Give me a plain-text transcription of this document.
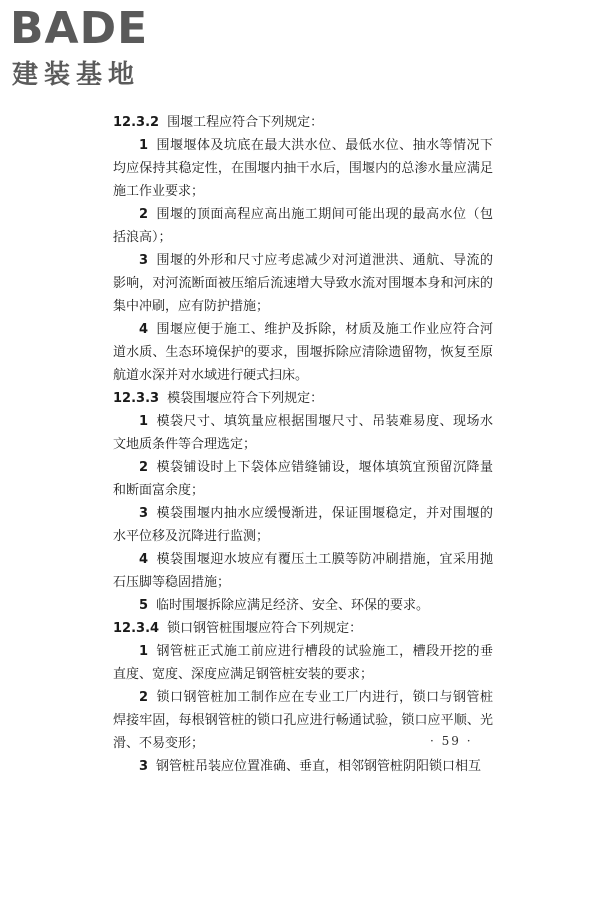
BADE
建装基地

12.3.2 围堰工程应符合下列规定：

1 围堰堰体及坑底在最大洪水位、最低水位、抽水等情况下均应保持其稳定性，在围堰内抽干水后，围堰内的总渗水量应满足施工作业要求；

2 围堰的顶面高程应高出施工期间可能出现的最高水位（包括浪高）；

3 围堰的外形和尺寸应考虑减少对河道泄洪、通航、导流的影响，对河流断面被压缩后流速增大导致水流对围堰本身和河床的集中冲刷，应有防护措施；

4 围堰应便于施工、维护及拆除，材质及施工作业应符合河道水质、生态环境保护的要求，围堰拆除应清除遗留物，恢复至原航道水深并对水域进行硬式扫床。

12.3.3 模袋围堰应符合下列规定：

1 模袋尺寸、填筑量应根据围堰尺寸、吊装难易度、现场水文地质条件等合理选定；

2 模袋铺设时上下袋体应错缝铺设，堰体填筑宜预留沉降量和断面富余度；

3 模袋围堰内抽水应缓慢渐进，保证围堰稳定，并对围堰的水平位移及沉降进行监测；

4 模袋围堰迎水坡应有覆压土工膜等防冲刷措施，宜采用抛石压脚等稳固措施；

5 临时围堰拆除应满足经济、安全、环保的要求。

12.3.4 锁口钢管桩围堰应符合下列规定：

1 钢管桩正式施工前应进行槽段的试验施工，槽段开挖的垂直度、宽度、深度应满足钢管桩安装的要求；

2 锁口钢管桩加工制作应在专业工厂内进行，锁口与钢管桩焊接牢固，每根钢管桩的锁口孔应进行畅通试验，锁口应平顺、光滑、不易变形；

3 钢管桩吊装应位置准确、垂直，相邻钢管桩阴阳锁口相互

· 59 ·
